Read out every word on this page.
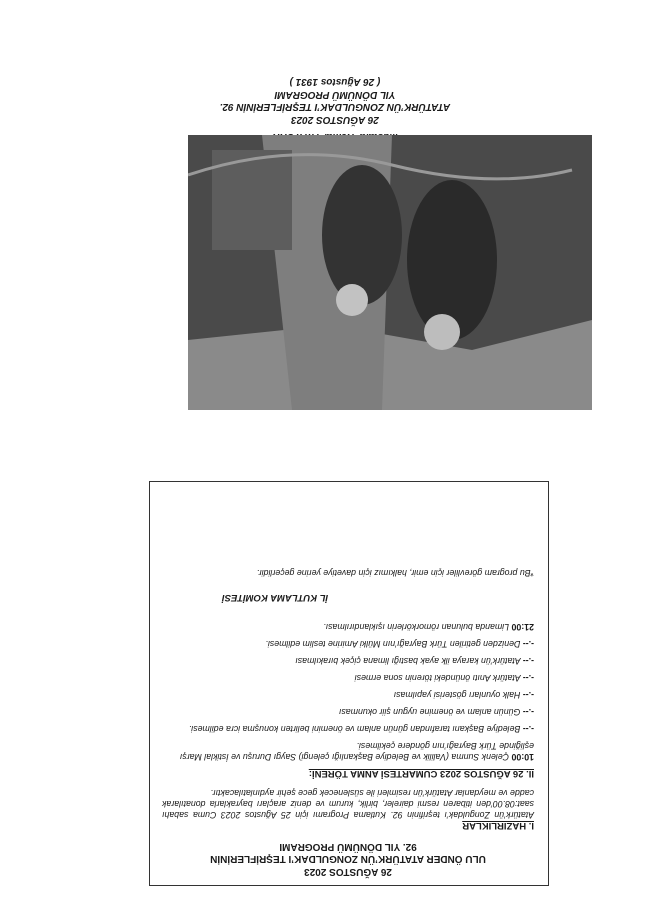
26 AĞUSTOS 2023
ATATÜRK’ÜN ZONGULDAK’I TEŞRİFLERİNİN 92.
YIL DÖNÜMÜ PROGRAMI
( 26 Ağustos 1931 )
26 AĞUSTOS 2023
ULU ÖNDER ATATÜRK’ÜN ZONGULDAK’I TEŞRİFLERİNİN
92. YIL DÖNÜMÜ PROGRAMI
I. HAZIRLIKLAR
Atatürk’ün Zonguldak’ı teşrifinin 92. Kutlama Programı için 25 Ağustos 2023 Cuma sabahı saat:08.00’den itibaren resmi daireler, birlik, kurum ve deniz araçları bayraklarla donatılarak cadde ve meydanlar Atatürk’ün resimleri ile süslenecek gece şehir aydınlatılacaktır.
II. 26 AĞUSTOS 2023 CUMARTESİ ANMA TÖRENİ:
10:00 Çelenk Sunma (Valilik ve Belediye Başkanlığı çelengi) Saygı Duruşu ve İstiklal Marşı eşliğinde Türk Bayrağı’nın göndere çekilmesi.
-.-- Belediye Başkanı tarafından günün anlam ve önemini belirten konuşma icra edilmesi.
-.-- Günün anlam ve önemine uygun şiir okunması
-.-- Halk oyunları gösterisi yapılması
-.-- Atatürk Anıtı önündeki törenin sona ermesi
-.-- Atatürk’ün karaya ilk ayak bastığı limana çiçek bırakılması
-.-- Denizden getirilen Türk Bayrağı’nın Mülki Amirine teslim edilmesi.
21:00 Limanda bulunan römorkörlerin ışıklandırılması.
İL KUTLAMA KOMİTESİ
*Bu program görevliler için emir, halkımız için davetiye yerine geçerlidir.
